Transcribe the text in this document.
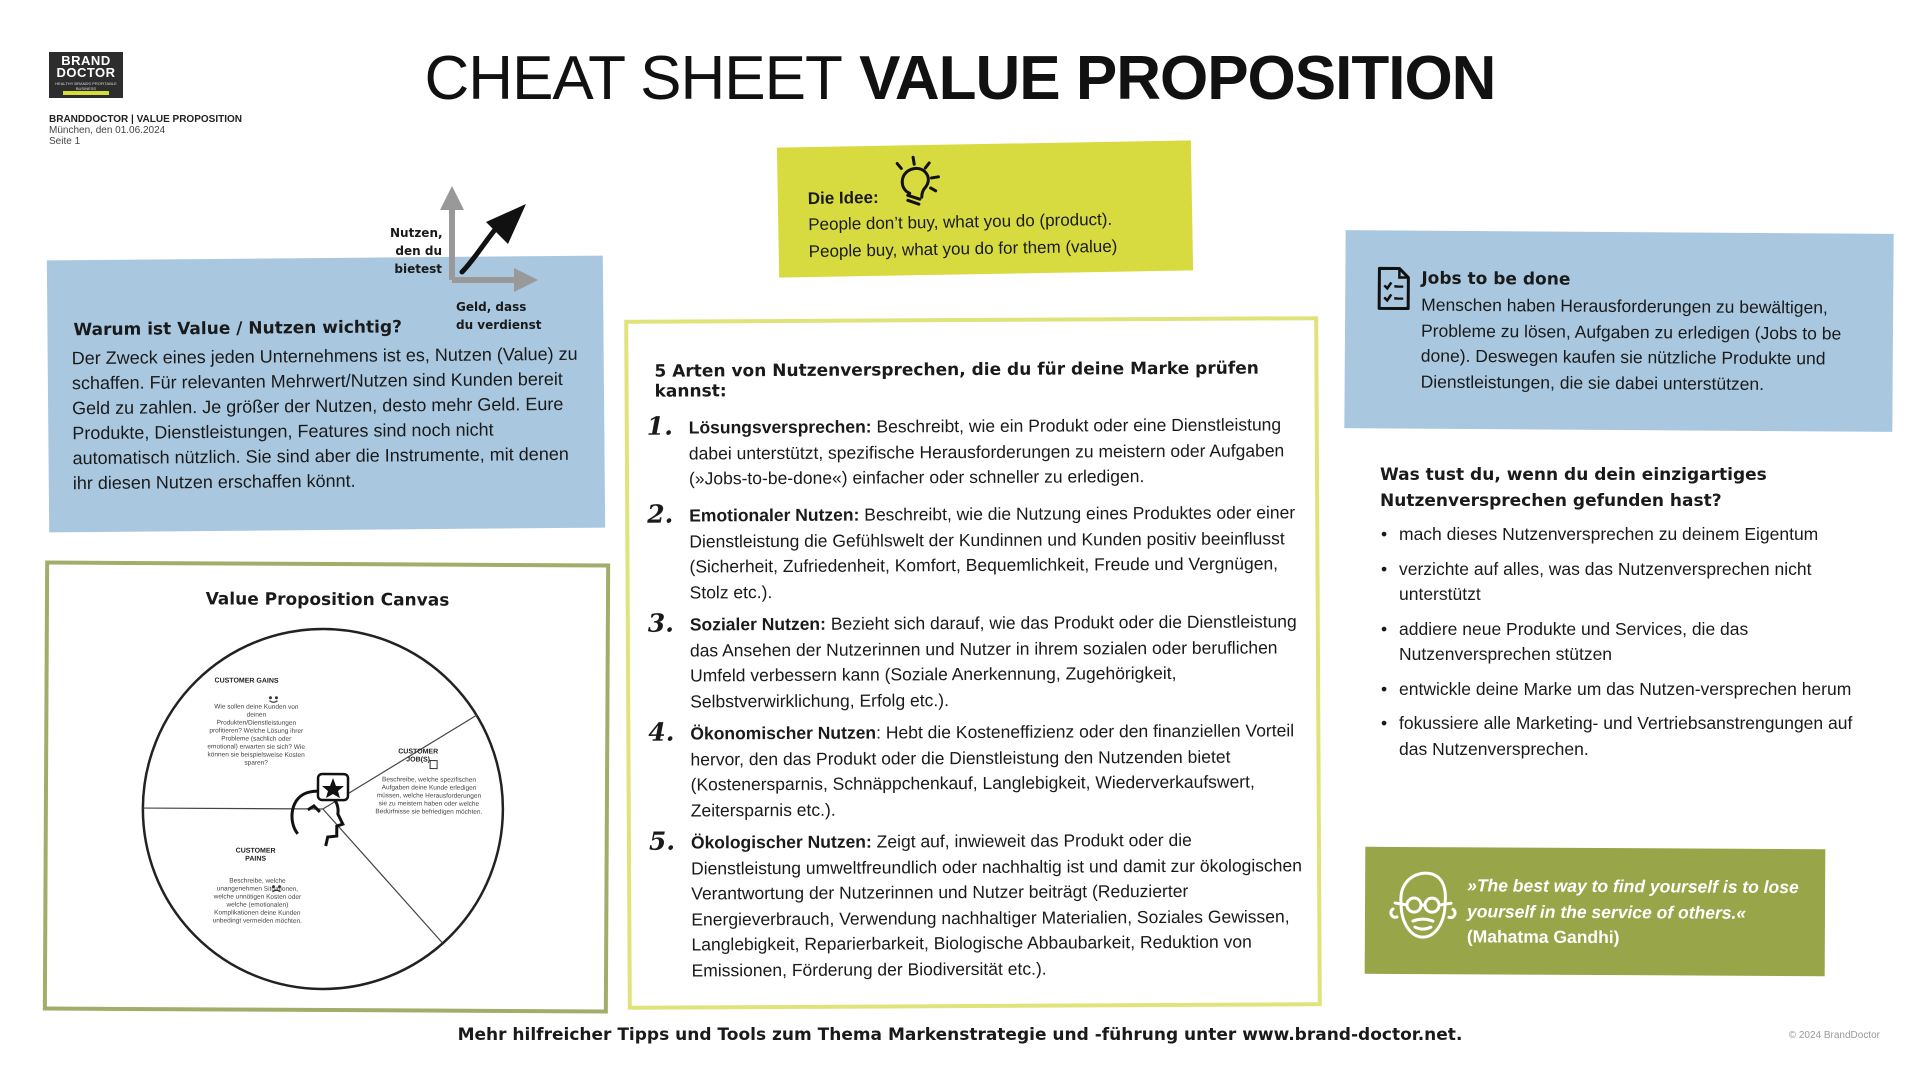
BRAND
DOCTOR
HEALTHY BRANDS PROFITABLE BUSINESS
BRANDDOCTOR | VALUE PROPOSITION
München, den 01.06.2024
Seite 1
CHEAT SHEET VALUE PROPOSITION
Die Idee:
People don’t buy, what you do (product).
People buy, what you do for them (value)
Warum ist Value / Nutzen wichtig?

Der Zweck eines jeden Unternehmens ist es, Nutzen (Value) zu schaffen. Für relevanten Mehrwert/Nutzen sind Kunden bereit Geld zu zahlen. Je größer der Nutzen, desto mehr Geld. Eure Produkte, Dienstleistungen, Features sind noch nicht automatisch nützlich. Sie sind aber die Instrumente, mit denen ihr diesen Nutzen erschaffen könnt.

Nutzen,
den du
bietest
Geld, dass
du verdienst
Value Proposition Canvas
CUSTOMER GAINS
Wie sollen deine Kunden von deinen Produkten/Dienstleistungen profitieren? Welche Lösung ihrer Probleme (sachlich oder emotional) erwarten sie sich? Wie können sie beispielsweise Kosten sparen?
CUSTOMER JOB(S)
Beschreibe, welche spezifischen Aufgaben deine Kunde erledigen müssen, welche Herausforderungen sie zu meistern haben oder welche Bedürfnisse sie befriedigen möchten.
CUSTOMER PAINS
Beschreibe, welche unangenehmen Situationen, welche unnötigen Kosten oder welche (emotionalen) Komplikationen deine Kunden unbedingt vermeiden möchten.
5 Arten von Nutzenversprechen, die du für deine Marke prüfen kannst:
1. Lösungsversprechen: Beschreibt, wie ein Produkt oder eine Dienstleistung dabei unterstützt, spezifische Herausforderungen zu meistern oder Aufgaben (»Jobs-to-be-done«) einfacher oder schneller zu erledigen.
2. Emotionaler Nutzen: Beschreibt, wie die Nutzung eines Produktes oder einer Dienstleistung die Gefühlswelt der Kundinnen und Kunden positiv beeinflusst (Sicherheit, Zufriedenheit, Komfort, Bequemlichkeit, Freude und Vergnügen, Stolz etc.).
3. Sozialer Nutzen: Bezieht sich darauf, wie das Produkt oder die Dienstleistung das Ansehen der Nutzerinnen und Nutzer in ihrem sozialen oder beruflichen Umfeld verbessern kann (Soziale Anerkennung, Zugehörigkeit, Selbstverwirklichung, Erfolg etc.).
4. Ökonomischer Nutzen: Hebt die Kosteneffizienz oder den finanziellen Vorteil hervor, den das Produkt oder die Dienstleistung den Nutzenden bietet (Kostenersparnis, Schnäppchenkauf, Langlebigkeit, Wiederverkaufswert, Zeitersparnis etc.).
5. Ökologischer Nutzen: Zeigt auf, inwieweit das Produkt oder die Dienstleistung umweltfreundlich oder nachhaltig ist und damit zur ökologischen Verantwortung der Nutzerinnen und Nutzer beiträgt (Reduzierter Energieverbrauch, Verwendung nachhaltiger Materialien, Soziales Gewissen, Langlebigkeit, Reparierbarkeit, Biologische Abbaubarkeit, Reduktion von Emissionen, Förderung der Biodiversität etc.).
Jobs to be done

Menschen haben Herausforderungen zu bewältigen, Probleme zu lösen, Aufgaben zu erledigen (Jobs to be done). Deswegen kaufen sie nützliche Produkte und Dienstleistungen, die sie dabei unterstützen.

Was tust du, wenn du dein einzigartiges Nutzenversprechen gefunden hast?
• mach dieses Nutzenversprechen zu deinem Eigentum
• verzichte auf alles, was das Nutzenversprechen nicht unterstützt
• addiere neue Produkte und Services, die das Nutzenversprechen stützen
• entwickle deine Marke um das Nutzen-versprechen herum
• fokussiere alle Marketing- und Vertriebsanstrengungen auf das Nutzenversprechen.
»The best way to find yourself is to lose yourself in the service of others.«
(Mahatma Gandhi)
Mehr hilfreicher Tipps und Tools zum Thema Markenstrategie und -führung unter www.brand-doctor.net.	© 2024 BrandDoctor
